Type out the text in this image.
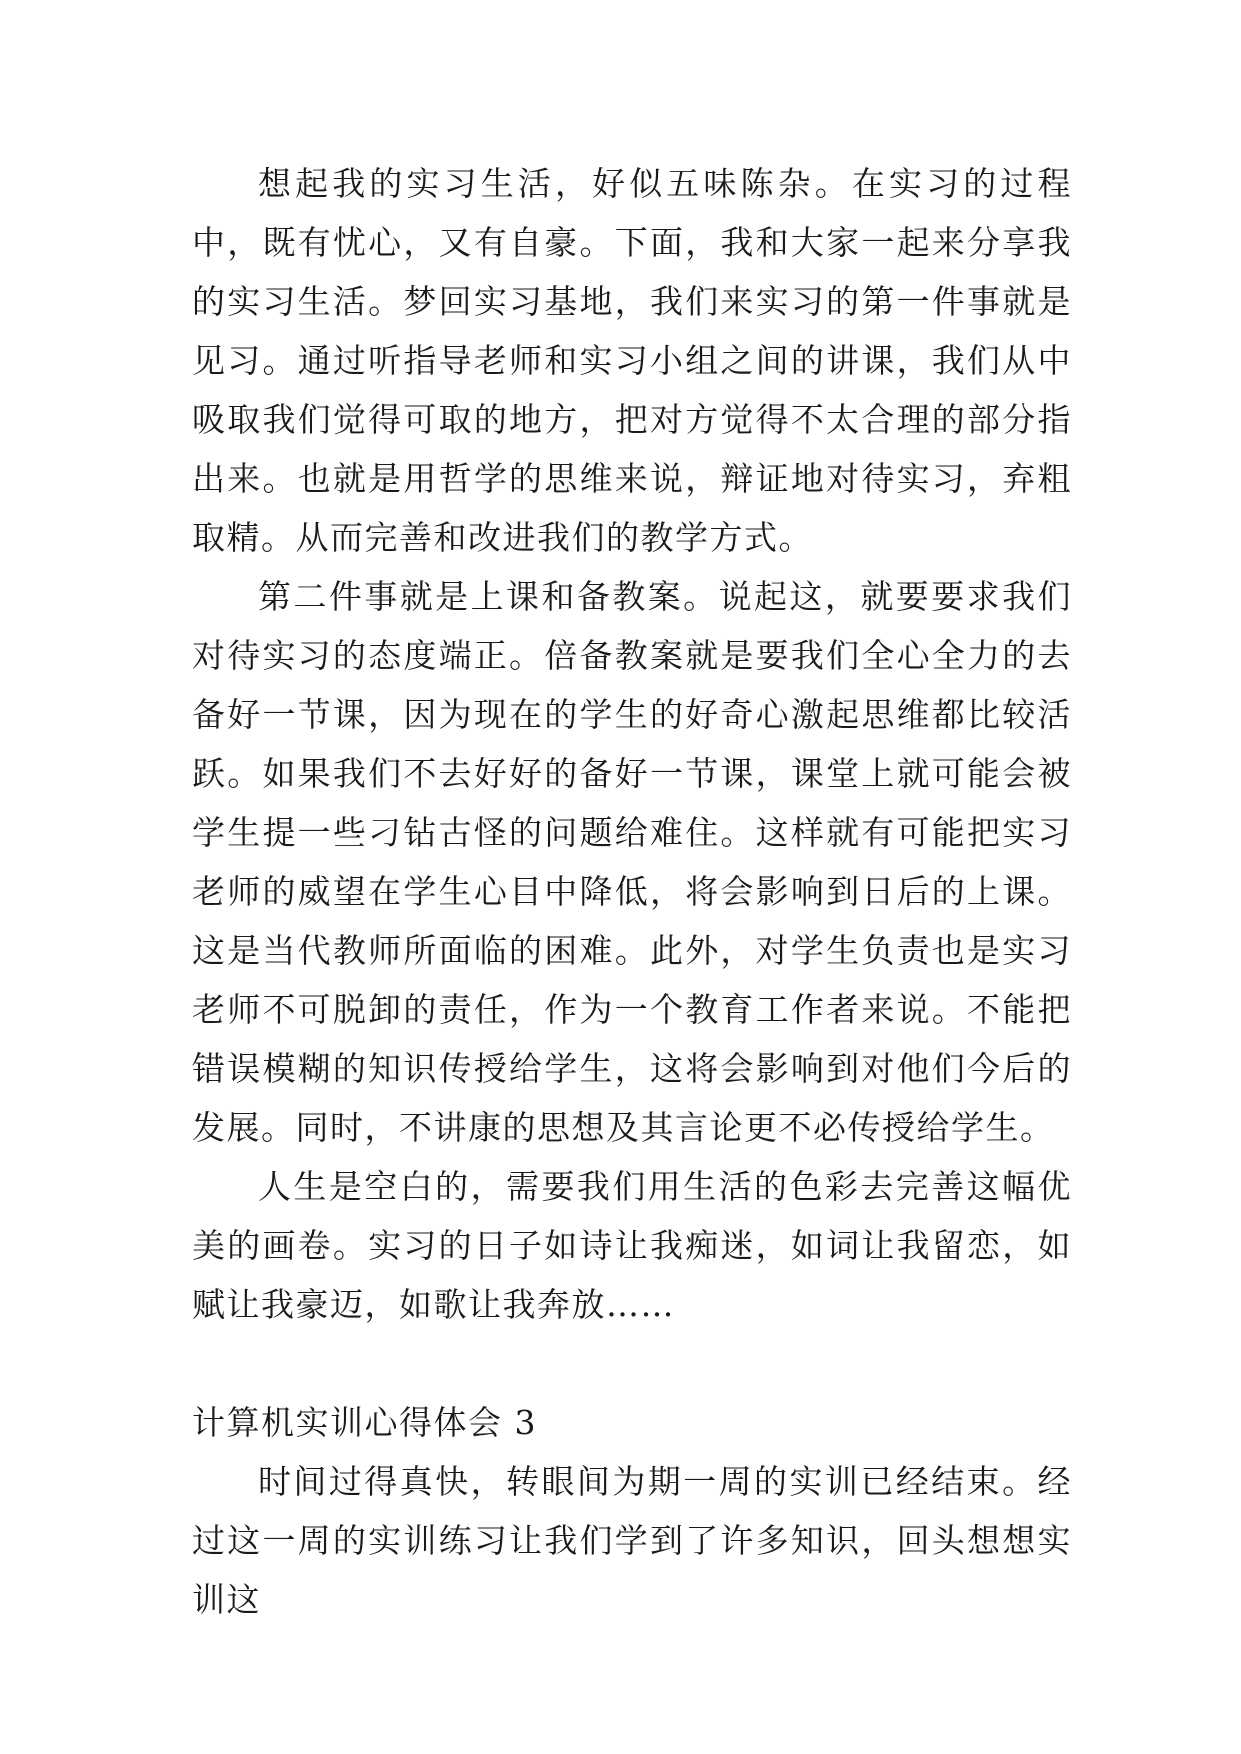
想起我的实习生活，好似五味陈杂。在实习的过程中，既有忧心，又有自豪。下面，我和大家一起来分享我的实习生活。梦回实习基地，我们来实习的第一件事就是见习。通过听指导老师和实习小组之间的讲课，我们从中吸取我们觉得可取的地方，把对方觉得不太合理的部分指出来。也就是用哲学的思维来说，辩证地对待实习，弃粗取精。从而完善和改进我们的教学方式。

第二件事就是上课和备教案。说起这，就要要求我们对待实习的态度端正。倍备教案就是要我们全心全力的去备好一节课，因为现在的学生的好奇心激起思维都比较活跃。如果我们不去好好的备好一节课，课堂上就可能会被学生提一些刁钻古怪的问题给难住。这样就有可能把实习老师的威望在学生心目中降低，将会影响到日后的上课。这是当代教师所面临的困难。此外，对学生负责也是实习老师不可脱卸的责任，作为一个教育工作者来说。不能把错误模糊的知识传授给学生，这将会影响到对他们今后的发展。同时，不讲康的思想及其言论更不必传授给学生。

人生是空白的，需要我们用生活的色彩去完善这幅优美的画卷。实习的日子如诗让我痴迷，如词让我留恋，如赋让我豪迈，如歌让我奔放……

计算机实训心得体会 3

时间过得真快，转眼间为期一周的实训已经结束。经过这一周的实训练习让我们学到了许多知识，回头想想实训这
